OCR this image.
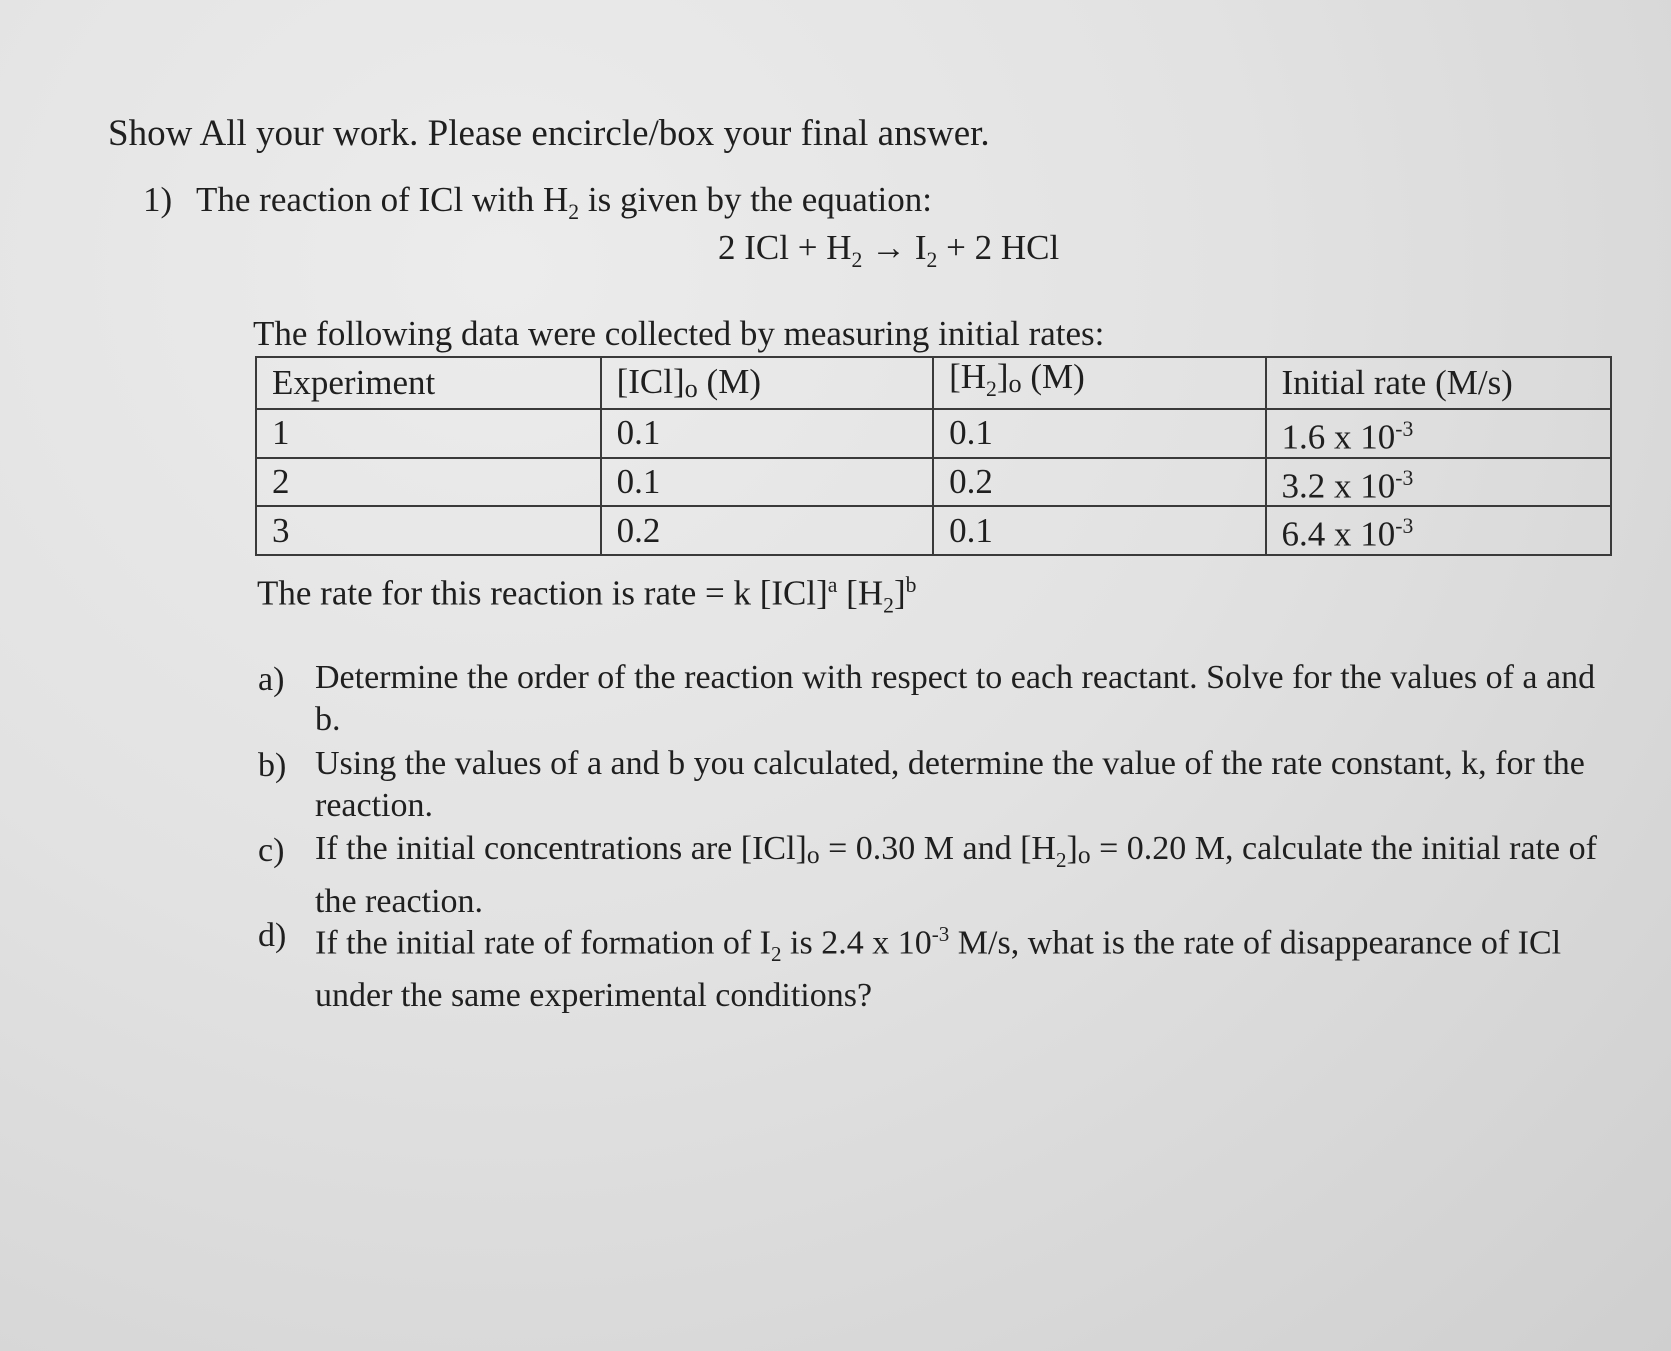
Show All your work. Please encircle/box your final answer.
1) The reaction of ICl with $H_2$ is given by the equation:
2 ICl + $H_2 \to I_2 + 2$ HCl
The following data were collected by measuring initial rates:
Experiment	[ICl]o (M)	$[H_2]o$ (M)	Initial rate (M/s)
1	0.1	0.1	1.6 x $10^{-3}$
2	0.1	0.2	3.2 x $10^{-3}$
3	0.2	0.1	6.4 x $10^{-3}$
The rate for this reaction is rate = k [ICl]$^a$ $[H_2]^b$
a) Determine the order of the reaction with respect to each reactant. Solve for the values of a and b.
b) Using the values of a and b you calculated, determine the value of the rate constant, k, for the reaction.
c) If the initial concentrations are [ICl]o = 0.30 M and $[H_2]o = 0.20$ M, calculate the initial rate of the reaction.
d) If the initial rate of formation of $I_2$ is 2.4 x $10^{-3}$ M/s, what is the rate of disappearance of ICl under the same experimental conditions?
